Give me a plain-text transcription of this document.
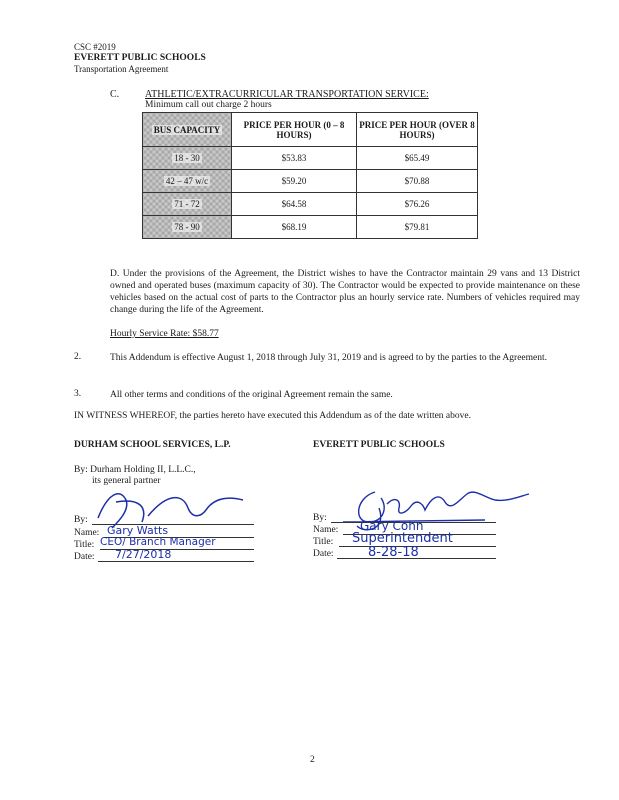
CSC #2019
EVERETT PUBLIC SCHOOLS
Transportation Agreement
C.	ATHLETIC/EXTRACURRICULAR TRANSPORTATION SERVICE:
Minimum call out charge 2 hours
BUS CAPACITY	PRICE PER HOUR (0 – 8 HOURS)	PRICE PER HOUR (OVER 8 HOURS)
18 - 30	$53.83	$65.49
42 – 47 w/c	$59.20	$70.88
71 - 72	$64.58	$76.26
78 - 90	$68.19	$79.81
D. Under the provisions of the Agreement, the District wishes to have the Contractor maintain 29 vans and 13 District owned and operated buses (maximum capacity of 30). The Contractor would be expected to provide maintenance on these vehicles based on the actual cost of parts to the Contractor plus an hourly service rate. Numbers of vehicles required may change during the life of the Agreement.
Hourly Service Rate: $58.77
2.	This Addendum is effective August 1, 2018 through July 31, 2019 and is agreed to by the parties to the Agreement.
3.	All other terms and conditions of the original Agreement remain the same.
IN WITNESS WHEREOF, the parties hereto have executed this Addendum as of the date written above.
DURHAM SCHOOL SERVICES, L.P.
By: Durham Holding II, L.L.C.,
its general partner
By:
Name: Gary Watts
Title: CEO/ Branch Manager
Date: 7/27/2018
EVERETT PUBLIC SCHOOLS
By:
Name: Gary Cohn
Title: Superintendent
Date:	8-28-18
2
